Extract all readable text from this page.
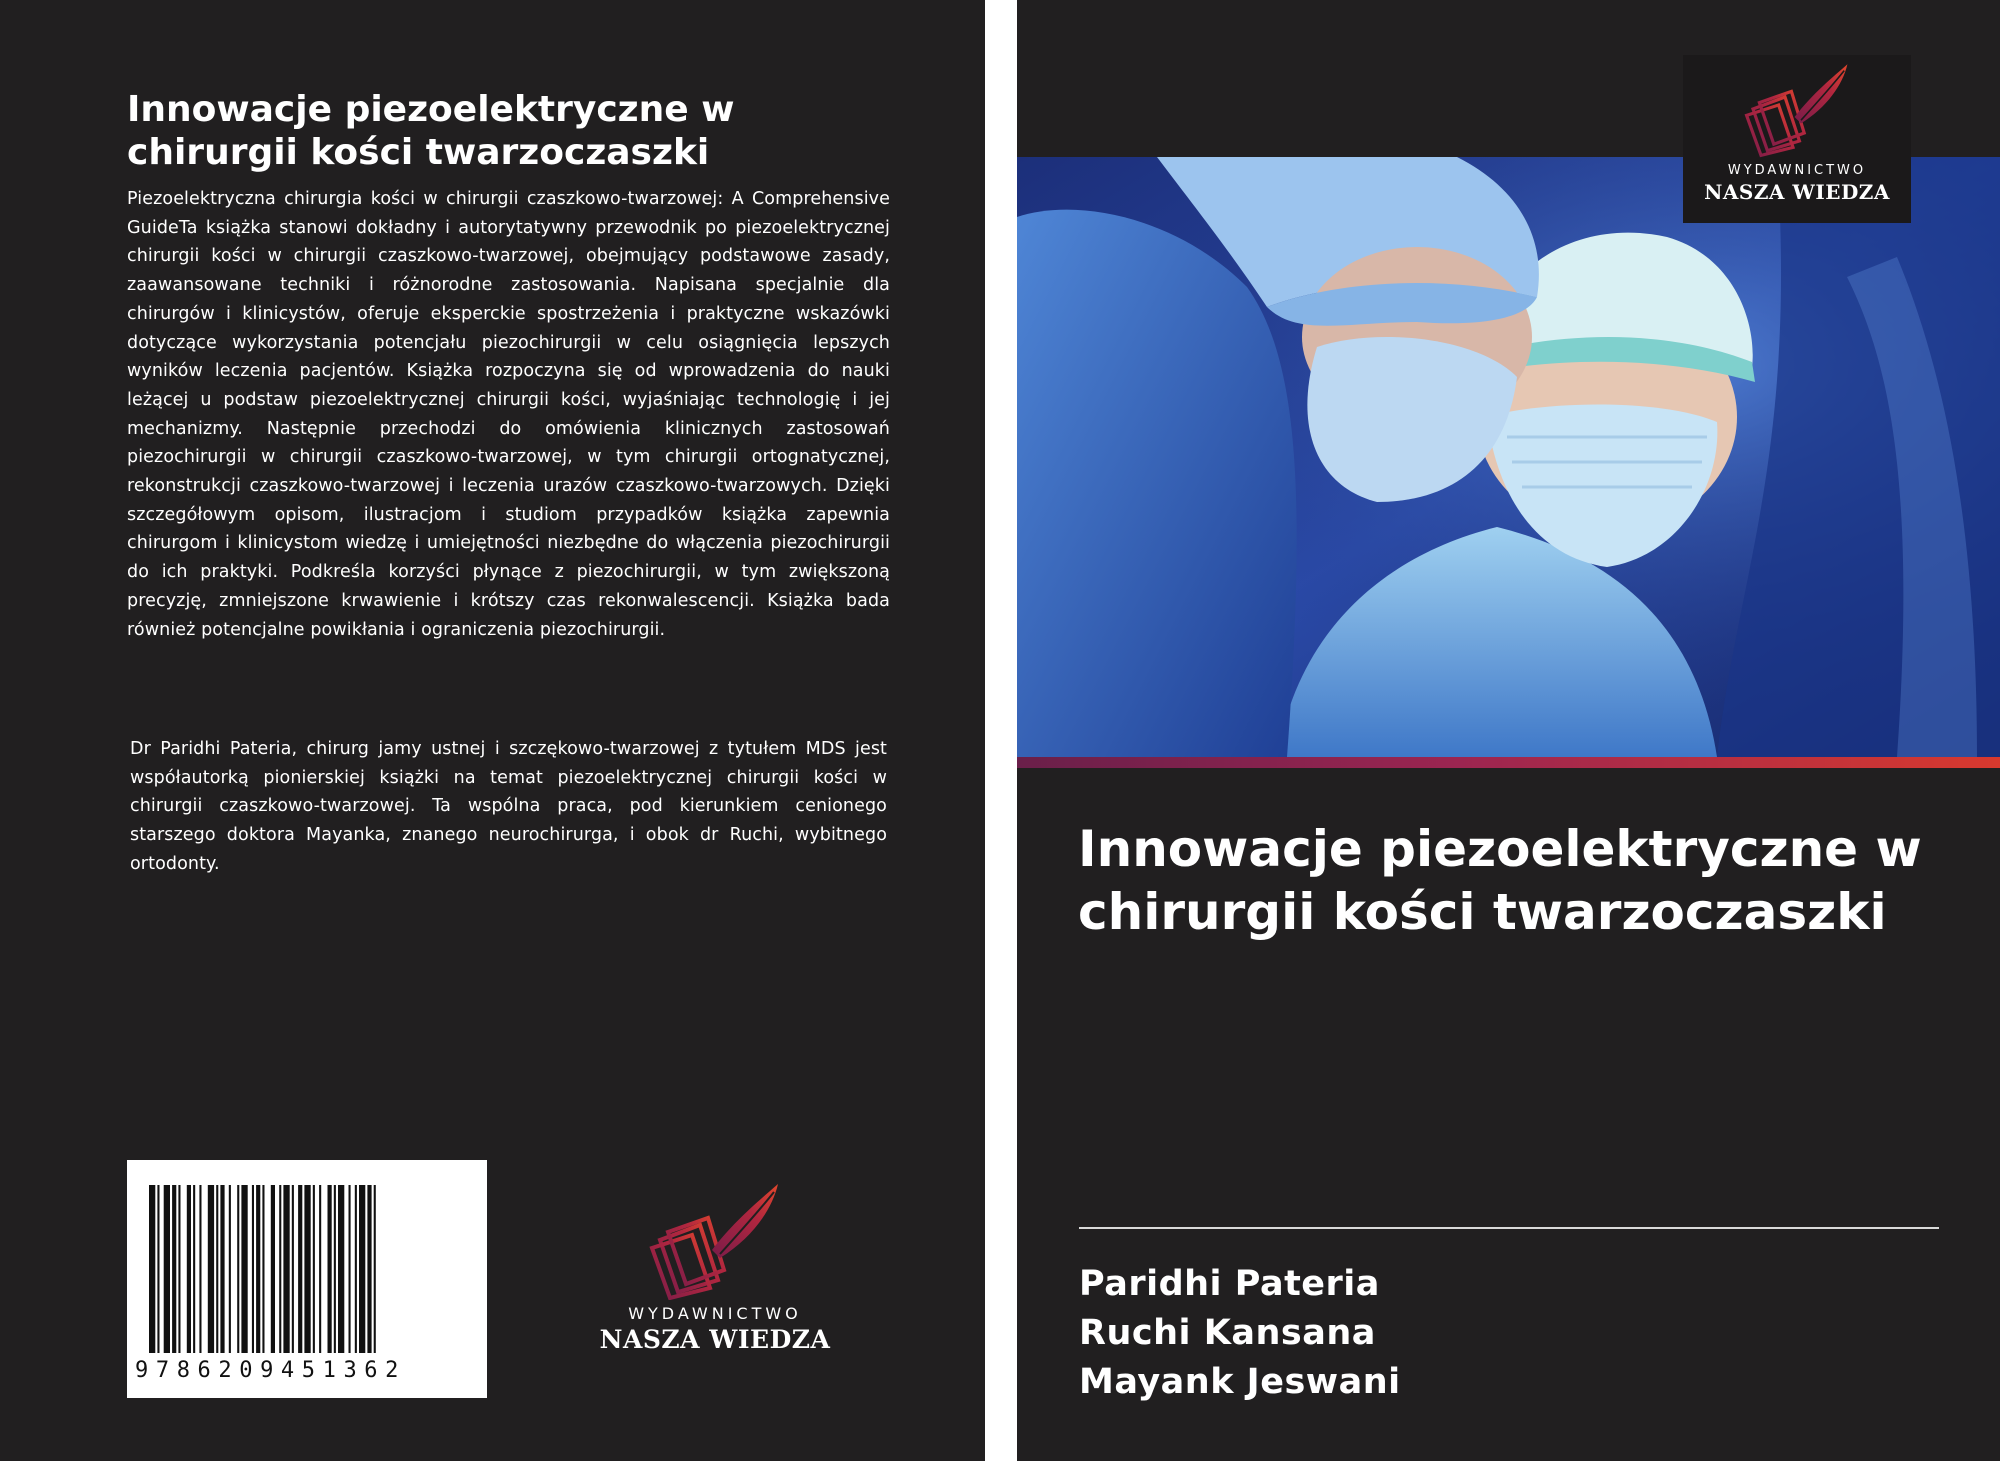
Innowacje piezoelektryczne w chirurgii kości twarzoczaszki

Piezoelektryczna chirurgia kości w chirurgii czaszkowo-twarzowej: A Comprehensive GuideTa książka stanowi dokładny i autorytatywny przewodnik po piezoelektrycznej chirurgii kości w chirurgii czaszkowo-twarzowej, obejmujący podstawowe zasady, zaawansowane techniki i różnorodne zastosowania. Napisana specjalnie dla chirurgów i klinicystów, oferuje eksperckie spostrzeżenia i praktyczne wskazówki dotyczące wykorzystania potencjału piezochirurgii w celu osiągnięcia lepszych wyników leczenia pacjentów. Książka rozpoczyna się od wprowadzenia do nauki leżącej u podstaw piezoelektrycznej chirurgii kości, wyjaśniając technologię i jej mechanizmy. Następnie przechodzi do omówienia klinicznych zastosowań piezochirurgii w chirurgii czaszkowo-twarzowej, w tym chirurgii ortognatycznej, rekonstrukcji czaszkowo-twarzowej i leczenia urazów czaszkowo-twarzowych. Dzięki szczegółowym opisom, ilustracjom i studiom przypadków książka zapewnia chirurgom i klinicystom wiedzę i umiejętności niezbędne do włączenia piezochirurgii do ich praktyki. Podkreśla korzyści płynące z piezochirurgii, w tym zwiększoną precyzję, zmniejszone krwawienie i krótszy czas rekonwalescencji. Książka bada również potencjalne powikłania i ograniczenia piezochirurgii.

Dr Paridhi Pateria, chirurg jamy ustnej i szczękowo-twarzowej z tytułem MDS jest współautorką pionierskiej książki na temat piezoelektrycznej chirurgii kości w chirurgii czaszkowo-twarzowej. Ta wspólna praca, pod kierunkiem cenionego starszego doktora Mayanka, znanego neurochirurga, i obok dr Ruchi, wybitnego ortodonty.

9786209451362

WYDAWNICTWO
NASZA WIEDZA
WYDAWNICTWO
NASZA WIEDZA
Innowacje piezoelektryczne w chirurgii kości twarzoczaszki
Paridhi Pateria
Ruchi Kansana
Mayank Jeswani
